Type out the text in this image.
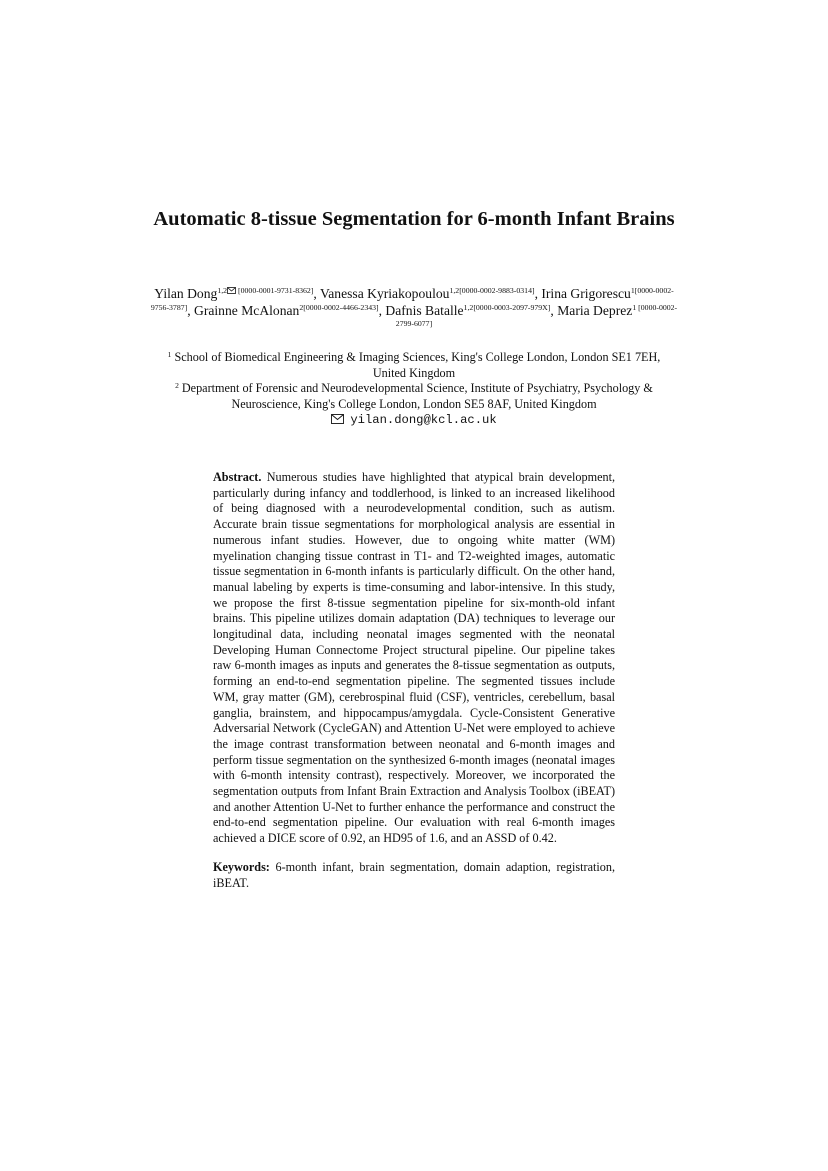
Automatic 8-tissue Segmentation for 6-month Infant Brains
Yilan Dong$^{1,2 [0000-0001-9731-8362]}$, Vanessa Kyriakopoulou$^{1,2[0000-0002-9883-0314]}$, Irina Grigorescu$^{1[0000-0002-9756-3787]}$, Grainne McAlonan$^{2[0000-0002-4466-2343]}$, Dafnis Batalle$^{1,2[0000-0003-2097-979X]}$, Maria Deprez$^{1 [0000-0002-2799-6077]}$
$^1$ School of Biomedical Engineering & Imaging Sciences, King's College London, London SE1 7EH, United Kingdom
$^2$ Department of Forensic and Neurodevelopmental Science, Institute of Psychiatry, Psychology & Neuroscience, King's College London, London SE5 8AF, United Kingdom
yilan.dong@kcl.ac.uk

Abstract. Numerous studies have highlighted that atypical brain development, particularly during infancy and toddlerhood, is linked to an increased likelihood of being diagnosed with a neurodevelopmental condition, such as autism. Accurate brain tissue segmentations for morphological analysis are essential in numerous infant studies. However, due to ongoing white matter (WM) myelination changing tissue contrast in T1- and T2-weighted images, automatic tissue segmentation in 6-month infants is particularly difficult. On the other hand, manual labeling by experts is time-consuming and labor-intensive. In this study, we propose the first 8-tissue segmentation pipeline for six-month-old infant brains. This pipeline utilizes domain adaptation (DA) techniques to leverage our longitudinal data, including neonatal images segmented with the neonatal Developing Human Connectome Project structural pipeline. Our pipeline takes raw 6-month images as inputs and generates the 8-tissue segmentation as outputs, forming an end-to-end segmentation pipeline. The segmented tissues include WM, gray matter (GM), cerebrospinal fluid (CSF), ventricles, cerebellum, basal ganglia, brainstem, and hippocampus/amygdala. Cycle-Consistent Generative Adversarial Network (CycleGAN) and Attention U-Net were employed to achieve the image contrast transformation between neonatal and 6-month images and perform tissue segmentation on the synthesized 6-month images (neonatal images with 6-month intensity contrast), respectively. Moreover, we incorporated the segmentation outputs from Infant Brain Extraction and Analysis Toolbox (iBEAT) and another Attention U-Net to further enhance the performance and construct the end-to-end segmentation pipeline. Our evaluation with real 6-month images achieved a DICE score of 0.92, an HD95 of 1.6, and an ASSD of 0.42.

Keywords: 6-month infant, brain segmentation, domain adaption, registration, iBEAT.
